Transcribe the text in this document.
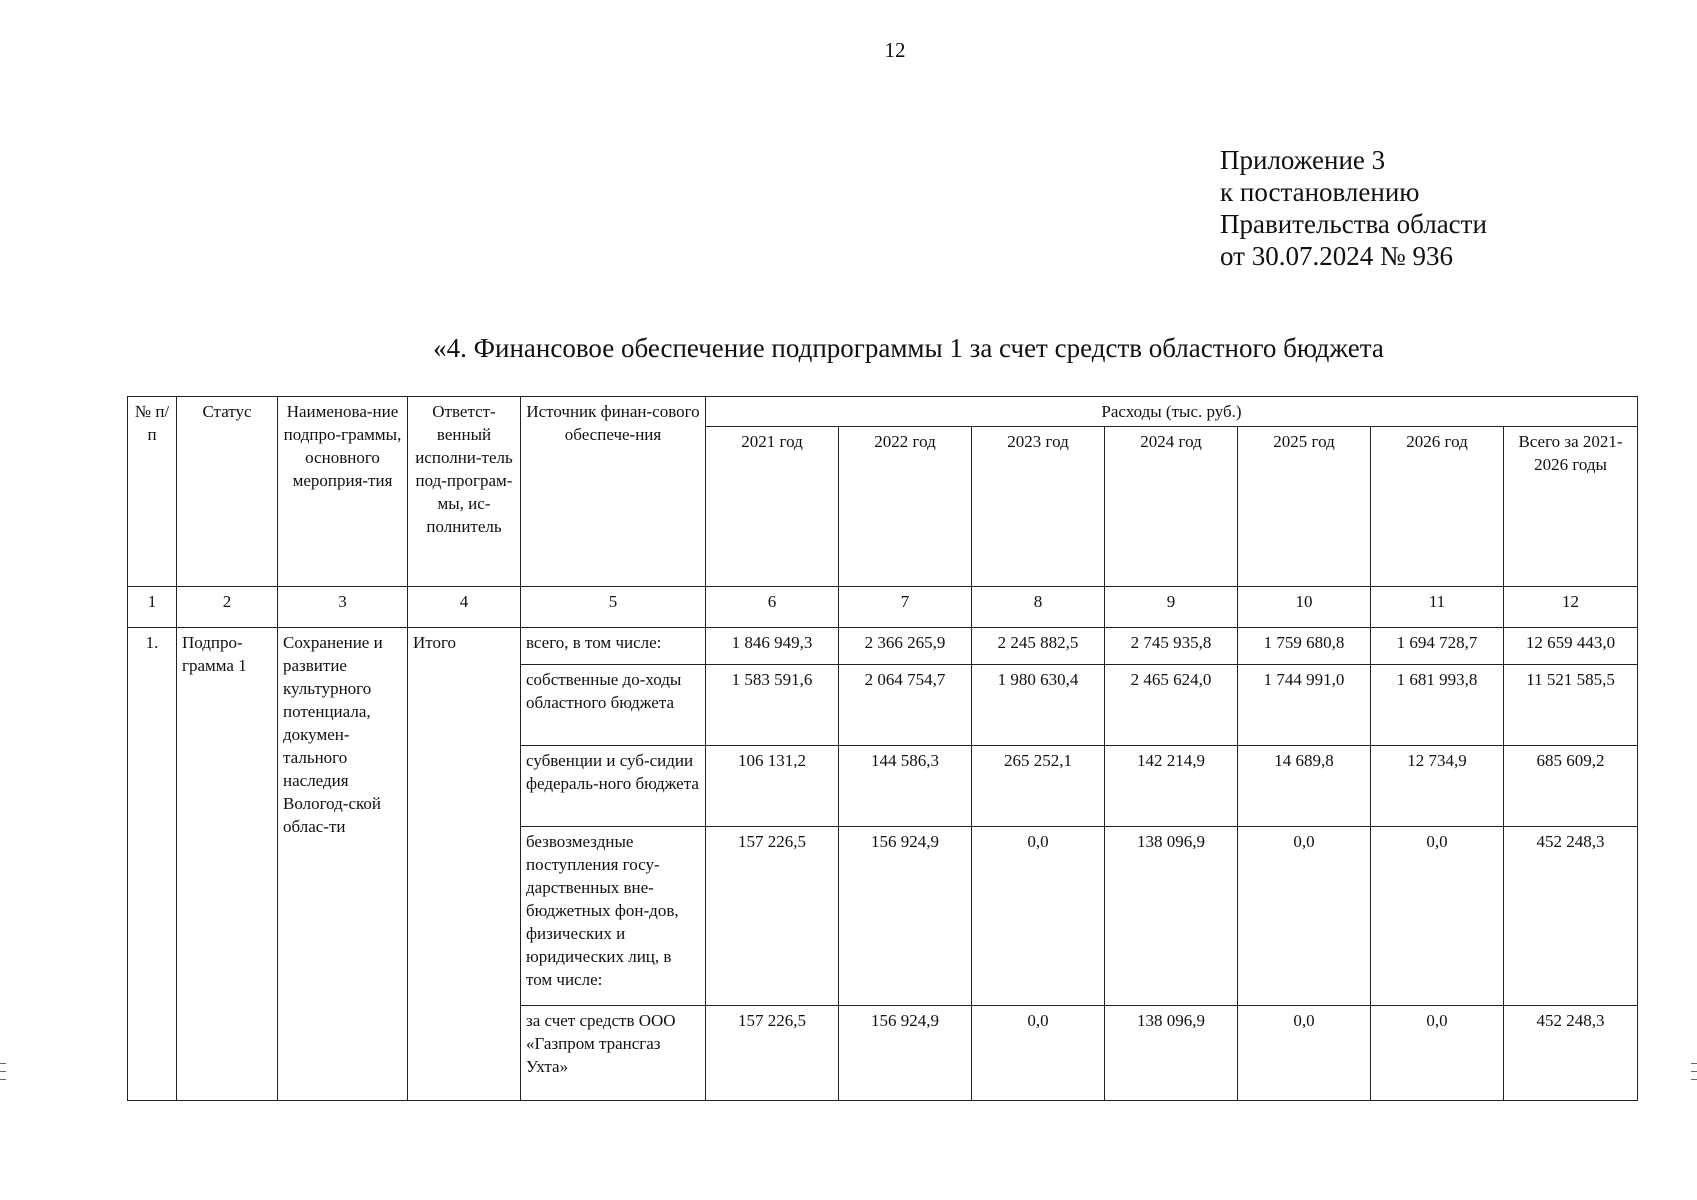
12
Приложение 3
к постановлению
Правительства области
от 30.07.2024 № 936
«4. Финансовое обеспечение подпрограммы 1 за счет средств областного бюджета
№ п/п	Статус	Наименова-ние подпро-граммы, основного мероприя-тия	Ответст-венный исполни-тель под-програм-мы, ис-полнитель	Источник финан-сового обеспече-ния	Расходы (тыс. руб.)						
					2021 год	2022 год	2023 год	2024 год	2025 год	2026 год	Всего за 2021-2026 годы
1	2	3	4	5	6	7	8	9	10	11	12
1.	Подпро-грамма 1	Сохранение и развитие культурного потенциала, докумен-тального наследия Вологод-ской облас-ти	Итого	всего, в том числе:	1 846 949,3	2 366 265,9	2 245 882,5	2 745 935,8	1 759 680,8	1 694 728,7	12 659 443,0
				собственные до-ходы областного бюджета	1 583 591,6	2 064 754,7	1 980 630,4	2 465 624,0	1 744 991,0	1 681 993,8	11 521 585,5
				субвенции и суб-сидии федераль-ного бюджета	106 131,2	144 586,3	265 252,1	142 214,9	14 689,8	12 734,9	685 609,2
				безвозмездные поступления госу-дарственных вне-бюджетных фон-дов, физических и юридических лиц, в том числе:	157 226,5	156 924,9	0,0	138 096,9	0,0	0,0	452 248,3
				за счет средств ООО «Газпром трансгаз Ухта»	157 226,5	156 924,9	0,0	138 096,9	0,0	0,0	452 248,3
